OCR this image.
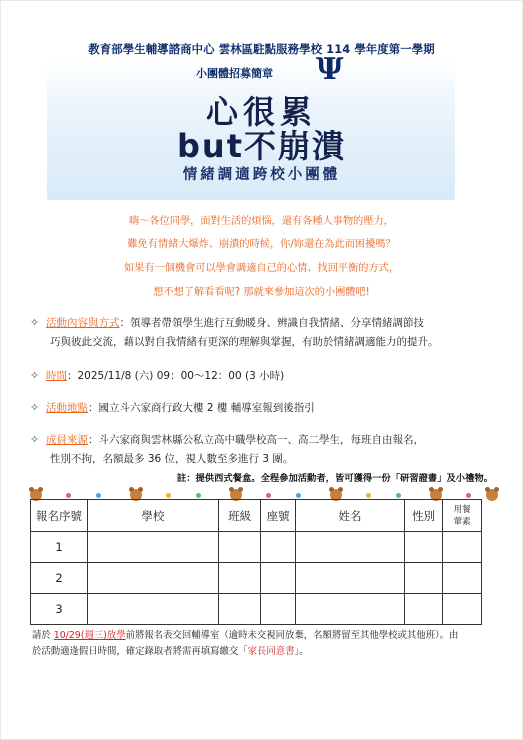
教育部學生輔導諮商中心 雲林區駐點服務學校 114 學年度第一學期
小團體招募簡章 Ψ
心很累
but不崩潰
情緒調適跨校小團體
嗨～各位同學，面對生活的煩惱，還有各種人事物的壓力，
難免有情緒大爆炸、崩潰的時候，你/妳還在為此而困擾嗎？
如果有一個機會可以學會調適自己的心情、找回平衡的方式，
想不想了解看看呢? 那就來參加這次的小團體吧!
✧ 活動內容與方式：領導者帶領學生進行互動暖身、辨識自我情緒、分享情緒調節技
巧與彼此交流，藉以對自我情緒有更深的理解與掌握，有助於情緒調適能力的提升。
✧ 時間：2025/11/8 (六) 09：00～12：00 (3 小時)
✧ 活動地點：國立斗六家商行政大樓 2 樓 輔導室報到後指引
✧ 成員來源：斗六家商與雲林縣公私立高中職學校高一、高二學生，每班自由報名，
性別不拘，名額最多 36 位，視人數至多進行 3 團。
註：提供西式餐盒。全程參加活動者，皆可獲得一份「研習證書」及小禮物。
報名序號	學校	班級	座號	姓名	性別	用餐
葷素
1						
2						
3						
請於 10/29(週三)放學前將報名表交回輔導室（逾時未交視同放棄，名額將留至其他學校或其他班）。由
於活動適逢假日時間，確定錄取者將需再填寫繳交「家長同意書」。
